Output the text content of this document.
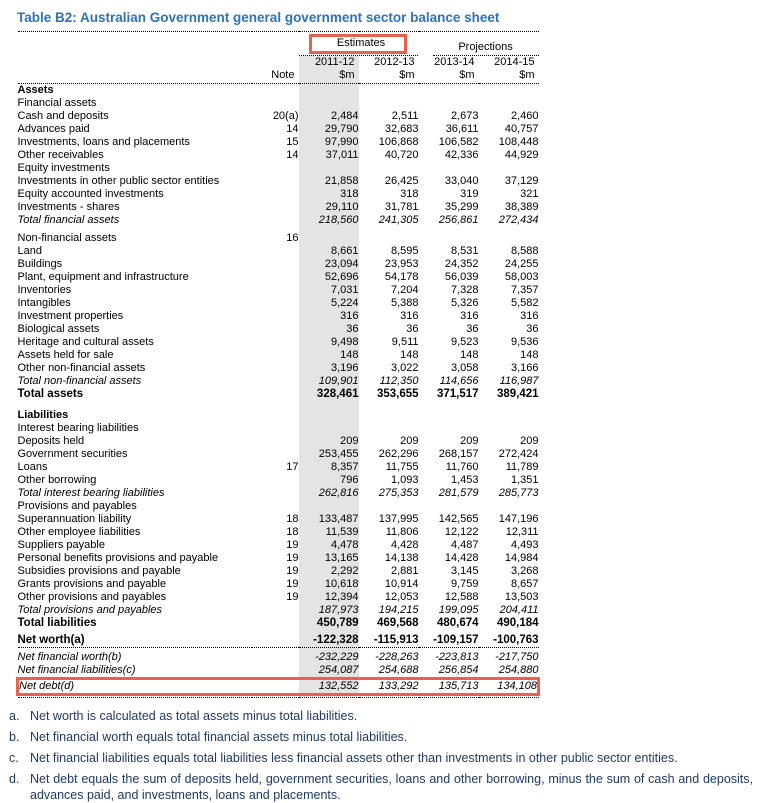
Table B2: Australian Government general government sector balance sheet

		Estimates		Projections	

		2011-12	2012-13	2013-14	2014-15
Note		$m	$m	$m	$m
Assets					
Financial assets					
Cash and deposits	20(a)	2,484	2,511	2,673	2,460
Advances paid	14	29,790	32,683	36,611	40,757
Investments, loans and placements	15	97,990	106,868	106,582	108,448
Other receivables	14	37,011	40,720	42,336	44,929
Equity investments					
Investments in other public sector entities		21,858	26,425	33,040	37,129
Equity accounted investments		318	318	319	321
Investments - shares		29,110	31,781	35,299	38,389
Total financial assets		218,560	241,305	256,861	272,434

Non-financial assets	16				
Land		8,661	8,595	8,531	8,588
Buildings		23,094	23,953	24,352	24,255
Plant, equipment and infrastructure		52,696	54,178	56,039	58,003
Inventories		7,031	7,204	7,328	7,357
Intangibles		5,224	5,388	5,326	5,582
Investment properties		316	316	316	316
Biological assets		36	36	36	36
Heritage and cultural assets		9,498	9,511	9,523	9,536
Assets held for sale		148	148	148	148
Other non-financial assets		3,196	3,022	3,058	3,166
Total non-financial assets		109,901	112,350	114,656	116,987
Total assets		328,461	353,655	371,517	389,421

Liabilities					
Interest bearing liabilities					
Deposits held		209	209	209	209
Government securities		253,455	262,296	268,157	272,424
Loans	17	8,357	11,755	11,760	11,789
Other borrowing		796	1,093	1,453	1,351
Total interest bearing liabilities		262,816	275,353	281,579	285,773
Provisions and payables					
Superannuation liability	18	133,487	137,995	142,565	147,196
Other employee liabilities	18	11,539	11,806	12,122	12,311
Suppliers payable	19	4,478	4,428	4,487	4,493
Personal benefits provisions and payable	19	13,165	14,138	14,428	14,984
Subsidies provisions and payable	19	2,292	2,881	3,145	3,268
Grants provisions and payable	19	10,618	10,914	9,759	8,657
Other provisions and payables	19	12,394	12,053	12,588	13,503
Total provisions and payables		187,973	194,215	199,095	204,411
Total liabilities		450,789	469,568	480,674	490,184

Net worth(a)		-122,328	-115,913	-109,157	-100,763

Net financial worth(b)		-232,229	-228,263	-223,813	-217,750
Net financial liabilities(c)		254,087	254,688	256,854	254,880
Net debt(d)		132,552	133,292	135,713	134,108

a. Net worth is calculated as total assets minus total liabilities.
b. Net financial worth equals total financial assets minus total liabilities.
c. Net financial liabilities equals total liabilities less financial assets other than investments in other public sector entities.
d. Net debt equals the sum of deposits held, government securities, loans and other borrowing, minus the sum of cash and deposits, advances paid, and investments, loans and placements.
